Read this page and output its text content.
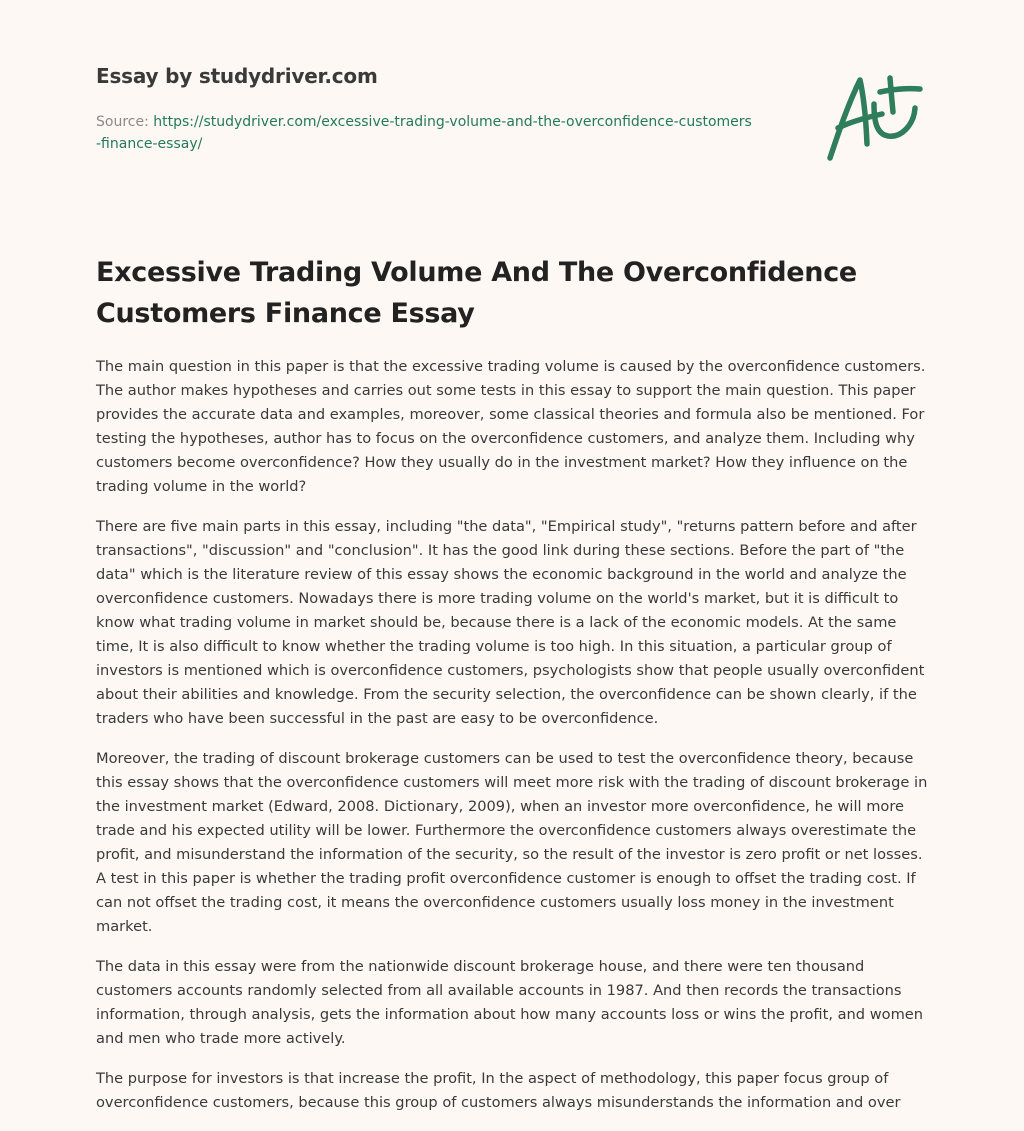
Essay by studydriver.com

Source: https://studydriver.com/excessive-trading-volume-and-the-overconfidence-customers-finance-essay/

Excessive Trading Volume And The Overconfidence Customers Finance Essay

The main question in this paper is that the excessive trading volume is caused by the overconfidence customers. The author makes hypotheses and carries out some tests in this essay to support the main question. This paper provides the accurate data and examples, moreover, some classical theories and formula also be mentioned. For testing the hypotheses, author has to focus on the overconfidence customers, and analyze them. Including why customers become overconfidence? How they usually do in the investment market? How they influence on the trading volume in the world?

There are five main parts in this essay, including "the data", "Empirical study", "returns pattern before and after transactions", "discussion" and "conclusion". It has the good link during these sections. Before the part of "the data" which is the literature review of this essay shows the economic background in the world and analyze the overconfidence customers. Nowadays there is more trading volume on the world's market, but it is difficult to know what trading volume in market should be, because there is a lack of the economic models. At the same time, It is also difficult to know whether the trading volume is too high. In this situation, a particular group of investors is mentioned which is overconfidence customers, psychologists show that people usually overconfident about their abilities and knowledge. From the security selection, the overconfidence can be shown clearly, if the traders who have been successful in the past are easy to be overconfidence.

Moreover, the trading of discount brokerage customers can be used to test the overconfidence theory, because this essay shows that the overconfidence customers will meet more risk with the trading of discount brokerage in the investment market (Edward, 2008. Dictionary, 2009), when an investor more overconfidence, he will more trade and his expected utility will be lower. Furthermore the overconfidence customers always overestimate the profit, and misunderstand the information of the security, so the result of the investor is zero profit or net losses. A test in this paper is whether the trading profit overconfidence customer is enough to offset the trading cost. If can not offset the trading cost, it means the overconfidence customers usually loss money in the investment market.

The data in this essay were from the nationwide discount brokerage house, and there were ten thousand customers accounts randomly selected from all available accounts in 1987. And then records the transactions information, through analysis, gets the information about how many accounts loss or wins the profit, and women and men who trade more actively.

The purpose for investors is that increase the profit, In the aspect of methodology, this paper focus group of overconfidence customers, because this group of customers always misunderstands the information and over
